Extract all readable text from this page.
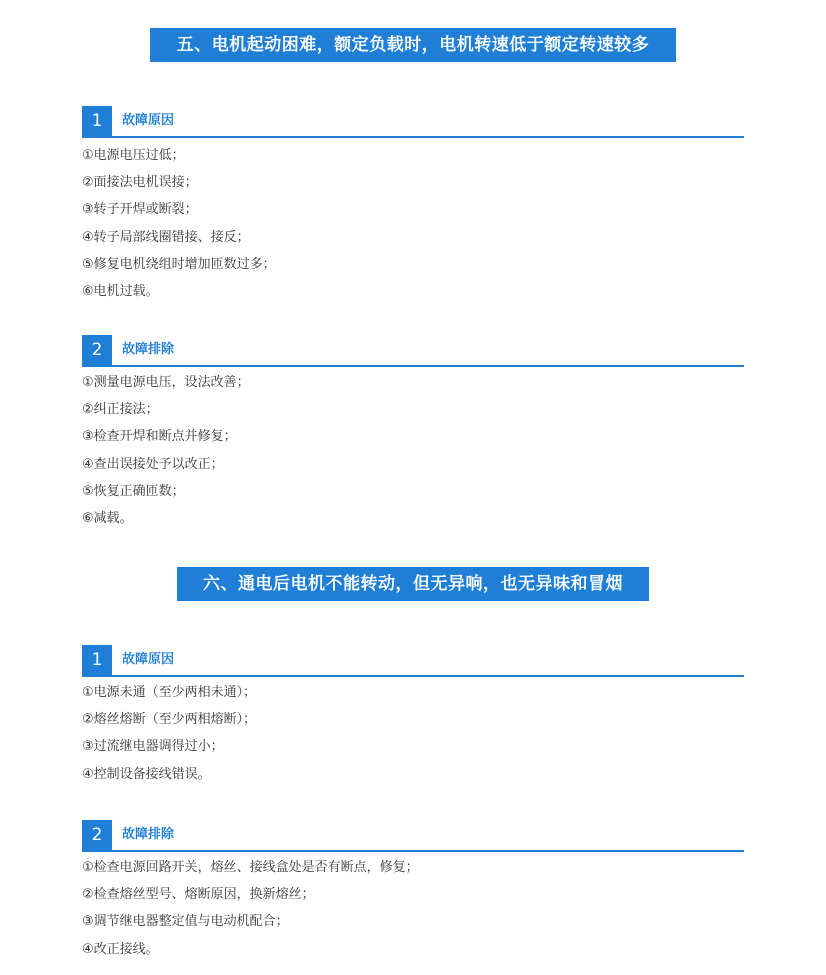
五、电机起动困难，额定负载时，电机转速低于额定转速较多
1	故障原因
①电源电压过低；
②面接法电机误接；
③转子开焊或断裂；
④转子局部线圈错接、接反；
⑤修复电机绕组时增加匝数过多；
⑥电机过载。
2	故障排除
①测量电源电压，设法改善；
②纠正接法；
③检查开焊和断点并修复；
④查出误接处予以改正；
⑤恢复正确匝数；
⑥减载。
六、通电后电机不能转动，但无异响，也无异味和冒烟
1	故障原因
①电源未通（至少两相未通）；
②熔丝熔断（至少两相熔断）；
③过流继电器调得过小；
④控制设备接线错误。
2	故障排除
①检查电源回路开关，熔丝、接线盒处是否有断点，修复；
②检查熔丝型号、熔断原因，换新熔丝；
③调节继电器整定值与电动机配合；
④改正接线。
